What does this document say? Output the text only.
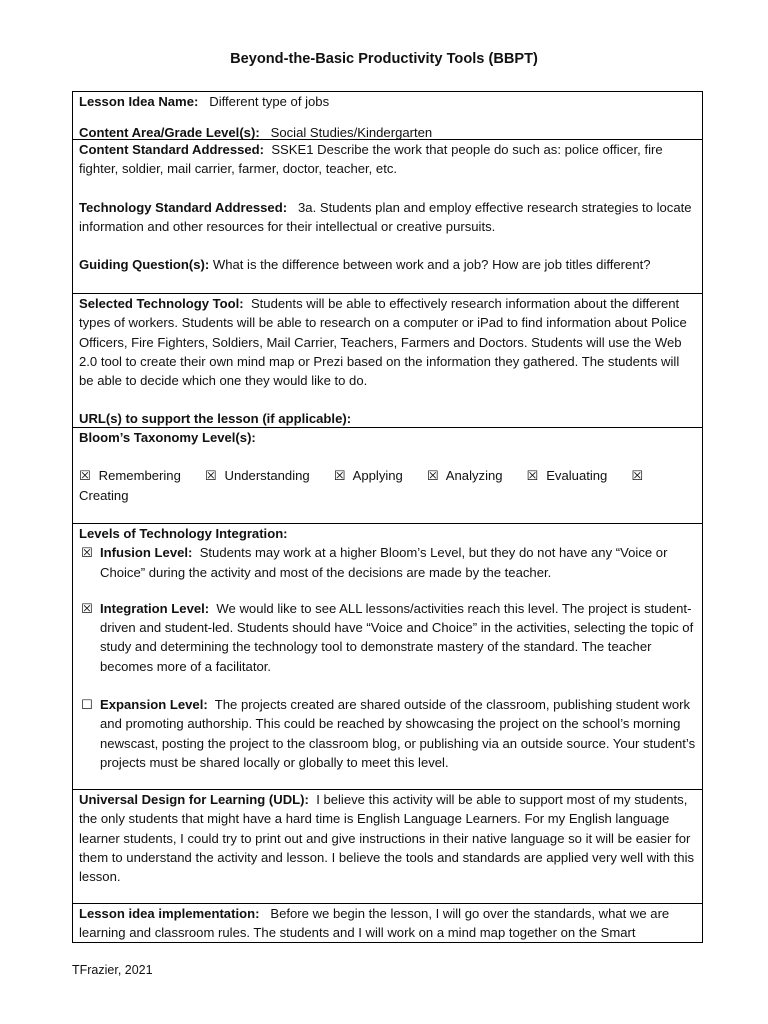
Beyond-the-Basic Productivity Tools (BBPT)

Lesson Idea Name: Different type of jobs

Content Area/Grade Level(s): Social Studies/Kindergarten

Content Standard Addressed: SSKE1 Describe the work that people do such as: police officer, fire fighter, soldier, mail carrier, farmer, doctor, teacher, etc.

Technology Standard Addressed: 3a. Students plan and employ effective research strategies to locate information and other resources for their intellectual or creative pursuits.

Guiding Question(s): What is the difference between work and a job? How are job titles different?

Selected Technology Tool: Students will be able to effectively research information about the different types of workers. Students will be able to research on a computer or iPad to find information about Police Officers, Fire Fighters, Soldiers, Mail Carrier, Teachers, Farmers and Doctors. Students will use the Web 2.0 tool to create their own mind map or Prezi based on the information they gathered. The students will be able to decide which one they would like to do.

URL(s) to support the lesson (if applicable):

Bloom’s Taxonomy Level(s):

☒ Remembering ☒ Understanding ☒ Applying ☒ Analyzing ☒ Evaluating ☒
Creating

Levels of Technology Integration:

☒ Infusion Level: Students may work at a higher Bloom’s Level, but they do not have any “Voice or Choice” during the activity and most of the decisions are made by the teacher.

☒ Integration Level: We would like to see ALL lessons/activities reach this level. The project is student-driven and student-led. Students should have “Voice and Choice” in the activities, selecting the topic of study and determining the technology tool to demonstrate mastery of the standard. The teacher becomes more of a facilitator.

☐ Expansion Level: The projects created are shared outside of the classroom, publishing student work and promoting authorship. This could be reached by showcasing the project on the school’s morning newscast, posting the project to the classroom blog, or publishing via an outside source. Your student’s projects must be shared locally or globally to meet this level.

Universal Design for Learning (UDL): I believe this activity will be able to support most of my students, the only students that might have a hard time is English Language Learners. For my English language learner students, I could try to print out and give instructions in their native language so it will be easier for them to understand the activity and lesson. I believe the tools and standards are applied very well with this lesson.

Lesson idea implementation: Before we begin the lesson, I will go over the standards, what we are learning and classroom rules. The students and I will work on a mind map together on the Smart

TFrazier, 2021
